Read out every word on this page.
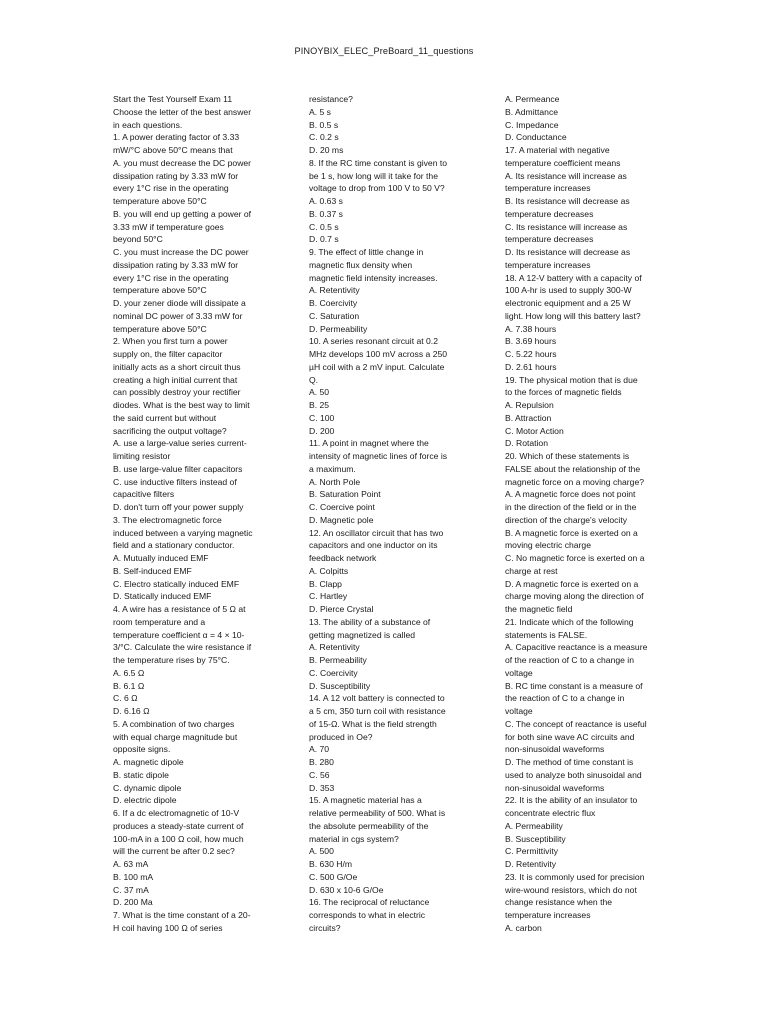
PINOYBIX_ELEC_PreBoard_11_questions
Start the Test Yourself Exam 11
Choose the letter of the best answer
in each questions.
1. A power derating factor of 3.33
mW/°C above 50°C means that
A. you must decrease the DC power
dissipation rating by 3.33 mW for
every 1°C rise in the operating
temperature above 50°C
B. you will end up getting a power of
3.33 mW if temperature goes
beyond 50°C
C. you must increase the DC power
dissipation rating by 3.33 mW for
every 1°C rise in the operating
temperature above 50°C
D. your zener diode will dissipate a
nominal DC power of 3.33 mW for
temperature above 50°C
2. When you first turn a power
supply on, the filter capacitor
initially acts as a short circuit thus
creating a high initial current that
can possibly destroy your rectifier
diodes. What is the best way to limit
the said current but without
sacrificing the output voltage?
A. use a large-value series current-
limiting resistor
B. use large-value filter capacitors
C. use inductive filters instead of
capacitive filters
D. don't turn off your power supply
3. The electromagnetic force
induced between a varying magnetic
field and a stationary conductor.
A. Mutually induced EMF
B. Self-induced EMF
C. Electro statically induced EMF
D. Statically induced EMF
4. A wire has a resistance of 5 Ω at
room temperature and a
temperature coefficient α = 4 × 10-
3/°C. Calculate the wire resistance if
the temperature rises by 75°C.
A. 6.5 Ω
B. 6.1 Ω
C. 6 Ω
D. 6.16 Ω
5. A combination of two charges
with equal charge magnitude but
opposite signs.
A. magnetic dipole
B. static dipole
C. dynamic dipole
D. electric dipole
6. If a dc electromagnetic of 10-V
produces a steady-state current of
100-mA in a 100 Ω coil, how much
will the current be after 0.2 sec?
A. 63 mA
B. 100 mA
C. 37 mA
D. 200 Ma
7. What is the time constant of a 20-
H coil having 100 Ω of series
resistance?
A. 5 s
B. 0.5 s
C. 0.2 s
D. 20 ms
8. If the RC time constant is given to
be 1 s, how long will it take for the
voltage to drop from 100 V to 50 V?
A. 0.63 s
B. 0.37 s
C. 0.5 s
D. 0.7 s
9. The effect of little change in
magnetic flux density when
magnetic field intensity increases.
A. Retentivity
B. Coercivity
C. Saturation
D. Permeability
10. A series resonant circuit at 0.2
MHz develops 100 mV across a 250
µH coil with a 2 mV input. Calculate
Q.
A. 50
B. 25
C. 100
D. 200
11. A point in magnet where the
intensity of magnetic lines of force is
a maximum.
A. North Pole
B. Saturation Point
C. Coercive point
D. Magnetic pole
12. An oscillator circuit that has two
capacitors and one inductor on its
feedback network
A. Colpitts
B. Clapp
C. Hartley
D. Pierce Crystal
13. The ability of a substance of
getting magnetized is called
A. Retentivity
B. Permeability
C. Coercivity
D. Susceptibility
14. A 12 volt battery is connected to
a 5 cm, 350 turn coil with resistance
of 15-Ω. What is the field strength
produced in Oe?
A. 70
B. 280
C. 56
D. 353
15. A magnetic material has a
relative permeability of 500. What is
the absolute permeability of the
material in cgs system?
A. 500
B. 630 H/m
C. 500 G/Oe
D. 630 x 10-6 G/Oe
16. The reciprocal of reluctance
corresponds to what in electric
circuits?
A. Permeance
B. Admittance
C. Impedance
D. Conductance
17. A material with negative
temperature coefficient means
A. Its resistance will increase as
temperature increases
B. Its resistance will decrease as
temperature decreases
C. Its resistance will increase as
temperature decreases
D. Its resistance will decrease as
temperature increases
18. A 12-V battery with a capacity of
100 A-hr is used to supply 300-W
electronic equipment and a 25 W
light. How long will this battery last?
A. 7.38 hours
B. 3.69 hours
C. 5.22 hours
D. 2.61 hours
19. The physical motion that is due
to the forces of magnetic fields
A. Repulsion
B. Attraction
C. Motor Action
D. Rotation
20. Which of these statements is
FALSE about the relationship of the
magnetic force on a moving charge?
A. A magnetic force does not point
in the direction of the field or in the
direction of the charge's velocity
B. A magnetic force is exerted on a
moving electric charge
C. No magnetic force is exerted on a
charge at rest
D. A magnetic force is exerted on a
charge moving along the direction of
the magnetic field
21. Indicate which of the following
statements is FALSE.
A. Capacitive reactance is a measure
of the reaction of C to a change in
voltage
B. RC time constant is a measure of
the reaction of C to a change in
voltage
C. The concept of reactance is useful
for both sine wave AC circuits and
non-sinusoidal waveforms
D. The method of time constant is
used to analyze both sinusoidal and
non-sinusoidal waveforms
22. It is the ability of an insulator to
concentrate electric flux
A. Permeability
B. Susceptibility
C. Permittivity
D. Retentivity
23. It is commonly used for precision
wire-wound resistors, which do not
change resistance when the
temperature increases
A. carbon
